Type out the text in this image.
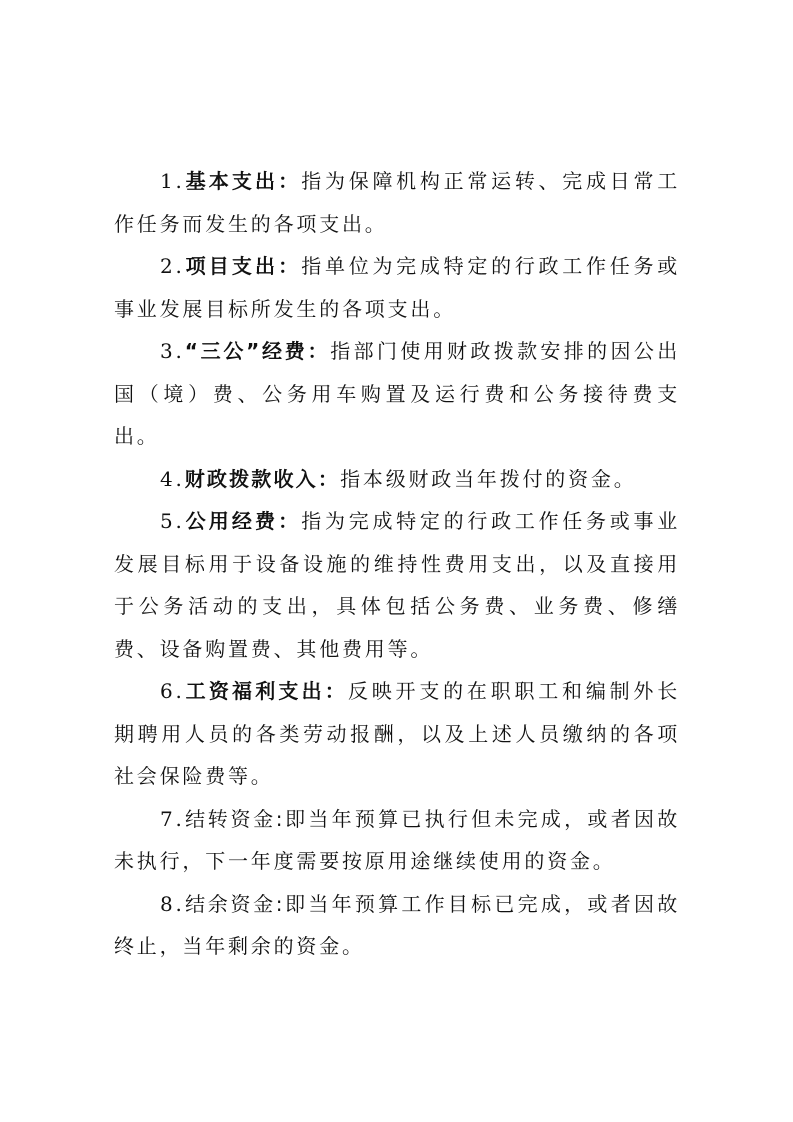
1.基本支出：指为保障机构正常运转、完成日常工作任务而发生的各项支出。

2.项目支出：指单位为完成特定的行政工作任务或事业发展目标所发生的各项支出。

3.“三公”经费：指部门使用财政拨款安排的因公出国（境）费、公务用车购置及运行费和公务接待费支出。

4.财政拨款收入：指本级财政当年拨付的资金。

5.公用经费：指为完成特定的行政工作任务或事业发展目标用于设备设施的维持性费用支出，以及直接用于公务活动的支出，具体包括公务费、业务费、修缮费、设备购置费、其他费用等。

6.工资福利支出：反映开支的在职职工和编制外长期聘用人员的各类劳动报酬，以及上述人员缴纳的各项社会保险费等。

7.结转资金:即当年预算已执行但未完成，或者因故未执行，下一年度需要按原用途继续使用的资金。

8.结余资金:即当年预算工作目标已完成，或者因故终止，当年剩余的资金。
